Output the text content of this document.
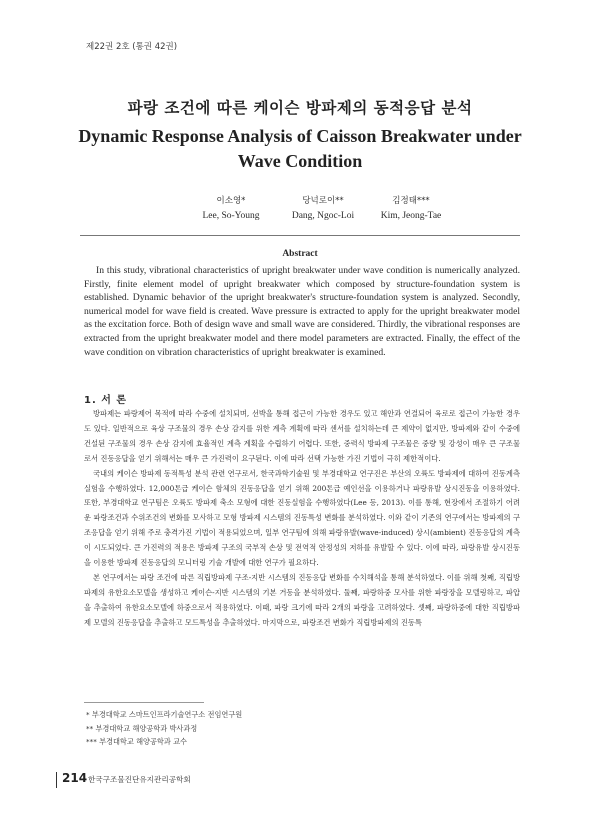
제22권 2호 (통권 42권)
파랑 조건에 따른 케이슨 방파제의 동적응답 분석
Dynamic Response Analysis of Caisson Breakwater under Wave Condition
이소영*
Lee, So-Young
당넉로이**
Dang, Ngoc-Loi
김정태***
Kim, Jeong-Tae
Abstract

In this study, vibrational characteristics of upright breakwater under wave condition is numerically analyzed. Firstly, finite element model of upright breakwater which composed by structure-foundation system is established. Dynamic behavior of the upright breakwater's structure-foundation system is analyzed. Secondly, numerical model for wave field is created. Wave pressure is extracted to apply for the upright breakwater model as the excitation force. Both of design wave and small wave are considered. Thirdly, the vibrational responses are extracted from the upright breakwater model and there model parameters are extracted. Finally, the effect of the wave condition on vibration characteristics of upright breakwater is examined.

1. 서 론

방파제는 파랑제어 목적에 따라 수중에 설치되며, 선박을 통해 접근이 가능한 경우도 있고 해안과 연결되어 육로로 접근이 가능한 경우도 있다. 일반적으로 육상 구조물의 경우 손상 감지를 위한 계측 계획에 따라 센서를 설치하는데 큰 제약이 없지만, 방파제와 같이 수중에 건설된 구조물의 경우 손상 감지에 효율적인 계측 계획을 수립하기 어렵다. 또한, 중력식 방파제 구조물은 중량 및 강성이 매우 큰 구조물로서 진동응답을 얻기 위해서는 매우 큰 가진력이 요구된다. 이에 따라 선택 가능한 가진 기법이 극히 제한적이다.

국내의 케이슨 방파제 동적특성 분석 관련 연구로서, 한국과학기술원 및 부경대학교 연구진은 부산의 오륙도 방파제에 대하여 진동계측 실험을 수행하였다. 12,000톤급 케이슨 함체의 진동응답을 얻기 위해 200톤급 예인선을 이용하거나 파랑유발 상시진동을 이용하였다. 또한, 부경대학교 연구팀은 오륙도 방파제 축소 모형에 대한 진동실험을 수행하였다(Lee 등, 2013). 이를 통해, 현장에서 조절하기 어려운 파랑조건과 수위조건의 변화를 모사하고 모형 방파제 시스템의 진동특성 변화를 분석하였다. 이와 같이 기존의 연구에서는 방파제의 구조응답을 얻기 위해 주로 충격가진 기법이 적용되었으며, 일부 연구팀에 의해 파랑유발(wave-induced) 상시(ambient) 진동응답의 계측이 시도되었다. 큰 가진력의 적용은 방파제 구조의 국부적 손상 및 전역적 안정성의 저하를 유발할 수 있다. 이에 따라, 파랑유발 상시진동을 이용한 방파제 진동응답의 모니터링 기술 개발에 대한 연구가 필요하다.

본 연구에서는 파랑 조건에 따른 직립방파제 구조-지반 시스템의 진동응답 변화를 수치해석을 통해 분석하였다. 이를 위해 첫째, 직립방파제의 유한요소모델을 생성하고 케이슨-지반 시스템의 기본 거동을 분석하였다. 둘째, 파랑하중 모사를 위한 파랑장을 모델링하고, 파압을 추출하여 유한요소모델에 하중으로서 적용하였다. 이때, 파랑 크기에 따라 2개의 파랑을 고려하였다. 셋째, 파랑하중에 대한 직립방파제 모델의 진동응답을 추출하고 모드특성을 추출하였다. 마지막으로, 파랑조건 변화가 직립방파제의 진동특

* 부경대학교 스마트인프라기술연구소 전임연구원
** 부경대학교 해양공학과 박사과정
*** 부경대학교 해양공학과 교수
214 한국구조물진단유지관리공학회
